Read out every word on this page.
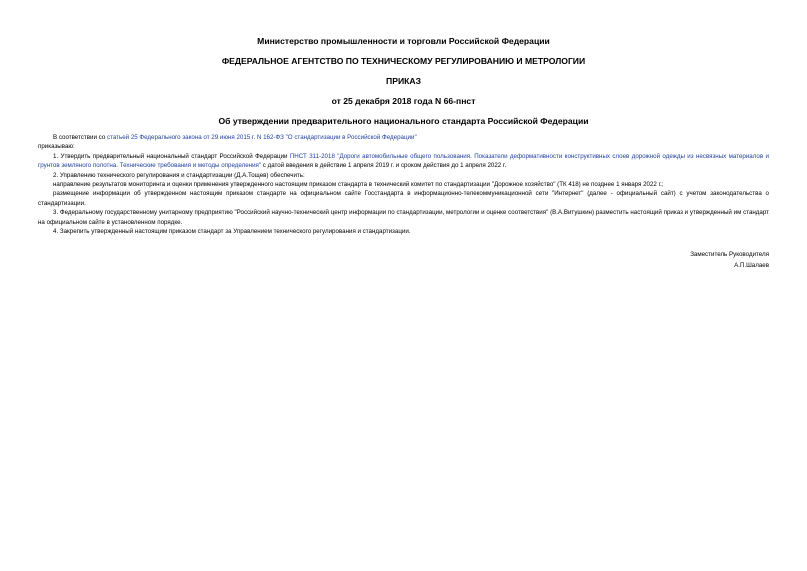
Министерство промышленности и торговли Российской Федерации
ФЕДЕРАЛЬНОЕ АГЕНТСТВО ПО ТЕХНИЧЕСКОМУ РЕГУЛИРОВАНИЮ И МЕТРОЛОГИИ
ПРИКАЗ
от 25 декабря 2018 года N 66-пнст
Об утверждении предварительного национального стандарта Российской Федерации

В соответствии со статьей 25 Федерального закона от 29 июня 2015 г. N 162-ФЗ "О стандартизации в Российской Федерации"

приказываю:

1. Утвердить предварительный национальный стандарт Российской Федерации ПНСТ 311-2018 "Дороги автомобильные общего пользования. Показатели деформативности конструктивных слоев дорожной одежды из несвязных материалов и грунтов земляного полотна. Технические требования и методы определения" с датой введения в действие 1 апреля 2019 г. и сроком действия до 1 апреля 2022 г.

2. Управлению технического регулирования и стандартизации (Д.А.Тощев) обеспечить:

направление результатов мониторинга и оценки применения утвержденного настоящим приказом стандарта в технический комитет по стандартизации "Дорожное хозяйство" (ТК 418) не позднее 1 января 2022 г.;

размещение информации об утвержденном настоящим приказом стандарте на официальном сайте Госстандарта в информационно-телекоммуникационной сети "Интернет" (далее - официальный сайт) с учетом законодательства о стандартизации.

3. Федеральному государственному унитарному предприятию "Российский научно-технический центр информации по стандартизации, метрологии и оценке соответствия" (В.А.Витушкин) разместить настоящий приказ и утвержденный им стандарт на официальном сайте в установленном порядке.

4. Закрепить утвержденный настоящим приказом стандарт за Управлением технического регулирования и стандартизации.

Заместитель Руководителя
А.П.Шалаев
